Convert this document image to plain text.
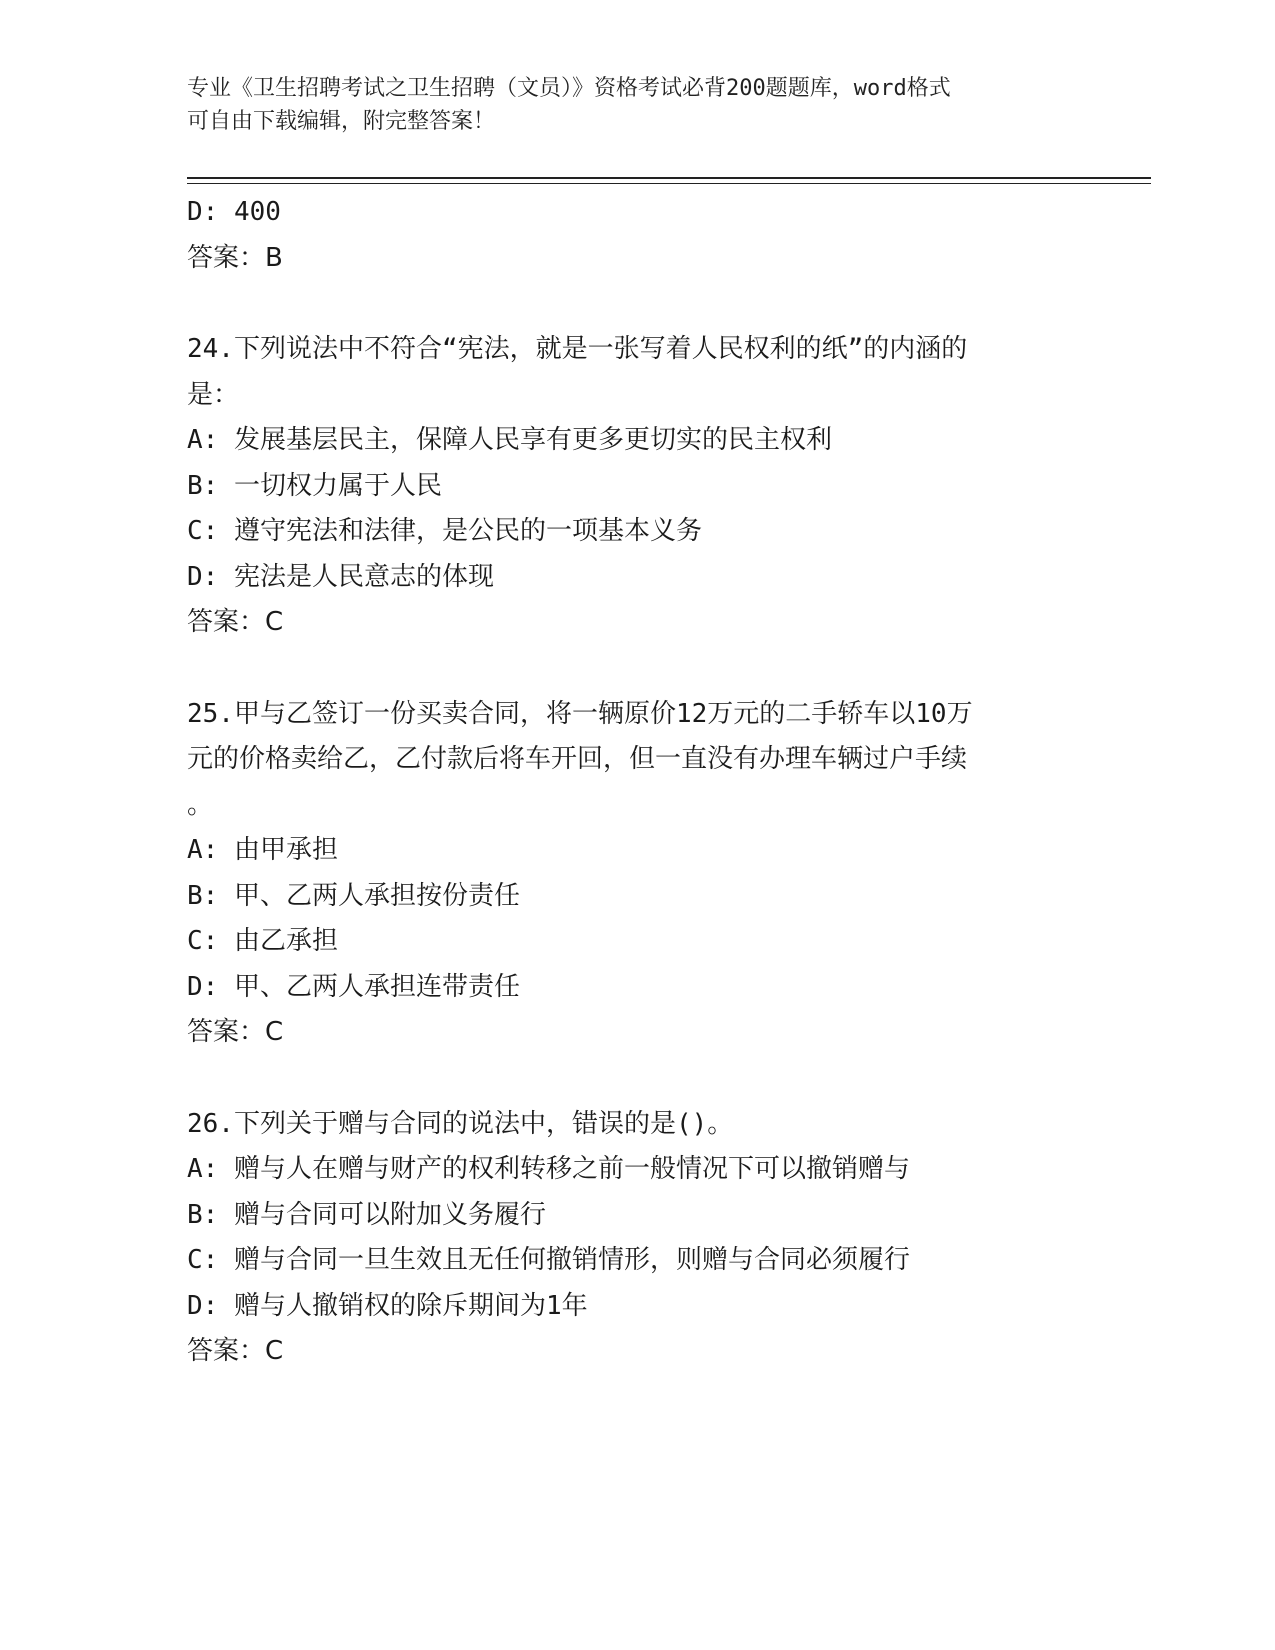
专业《卫生招聘考试之卫生招聘（文员）》资格考试必背200题题库，word格式
可自由下载编辑，附完整答案！
D: 400
答案：B
24.下列说法中不符合“宪法，就是一张写着人民权利的纸”的内涵的
是：
A: 发展基层民主，保障人民享有更多更切实的民主权利
B: 一切权力属于人民
C: 遵守宪法和法律，是公民的一项基本义务
D: 宪法是人民意志的体现
答案：C
25.甲与乙签订一份买卖合同，将一辆原价12万元的二手轿车以10万
元的价格卖给乙，乙付款后将车开回，但一直没有办理车辆过户手续
。
A: 由甲承担
B: 甲、乙两人承担按份责任
C: 由乙承担
D: 甲、乙两人承担连带责任
答案：C
26.下列关于赠与合同的说法中，错误的是()。
A: 赠与人在赠与财产的权利转移之前一般情况下可以撤销赠与
B: 赠与合同可以附加义务履行
C: 赠与合同一旦生效且无任何撤销情形，则赠与合同必须履行
D: 赠与人撤销权的除斥期间为1年
答案：C
